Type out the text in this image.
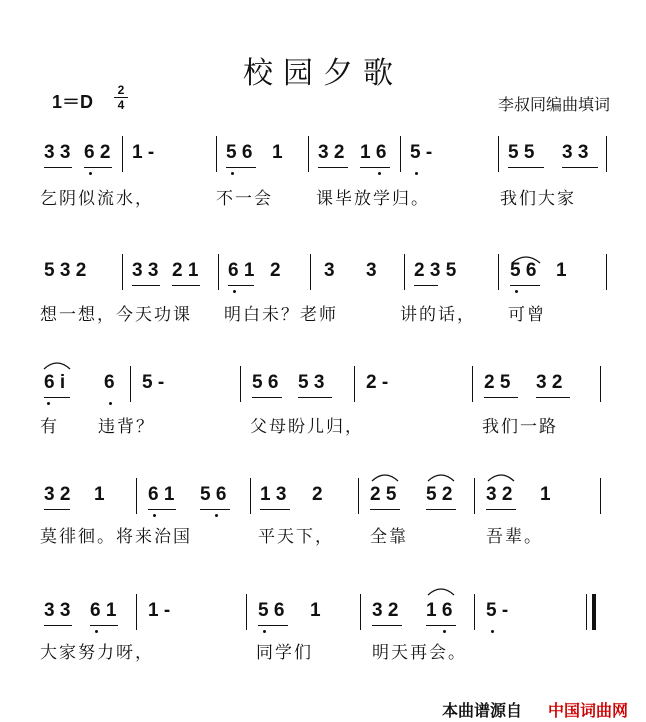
校园夕歌
1＝D
2
4	李叔同编曲填词
3 3 6 2 1 -	5 6 1 3 2 1 6 5 -	5 5 3 3
乞阴似流水，	不一会	课毕放学归。	我们大家
5 3 2 3 3 2 1 6 1 2 3 3 2 3 5	5 6 1
想一想，今天功课 明白未？老师	讲的话， 可曾
6 i 6 5 -	5 6 5 3 2 -	2 5 3 2
有 违背？	父母盼儿归，	我们一路
3 2 1 6 1 5 6 1 3 2 2 5 5 2 3 2 1
莫徘徊。将来治国	平天下， 全靠	吾辈。
3 3 6 1 1 -	5 6 1	3 2 1 6 5 -
大家努力呀，	同学们	明天再会。
本曲谱源自 中国词曲网
